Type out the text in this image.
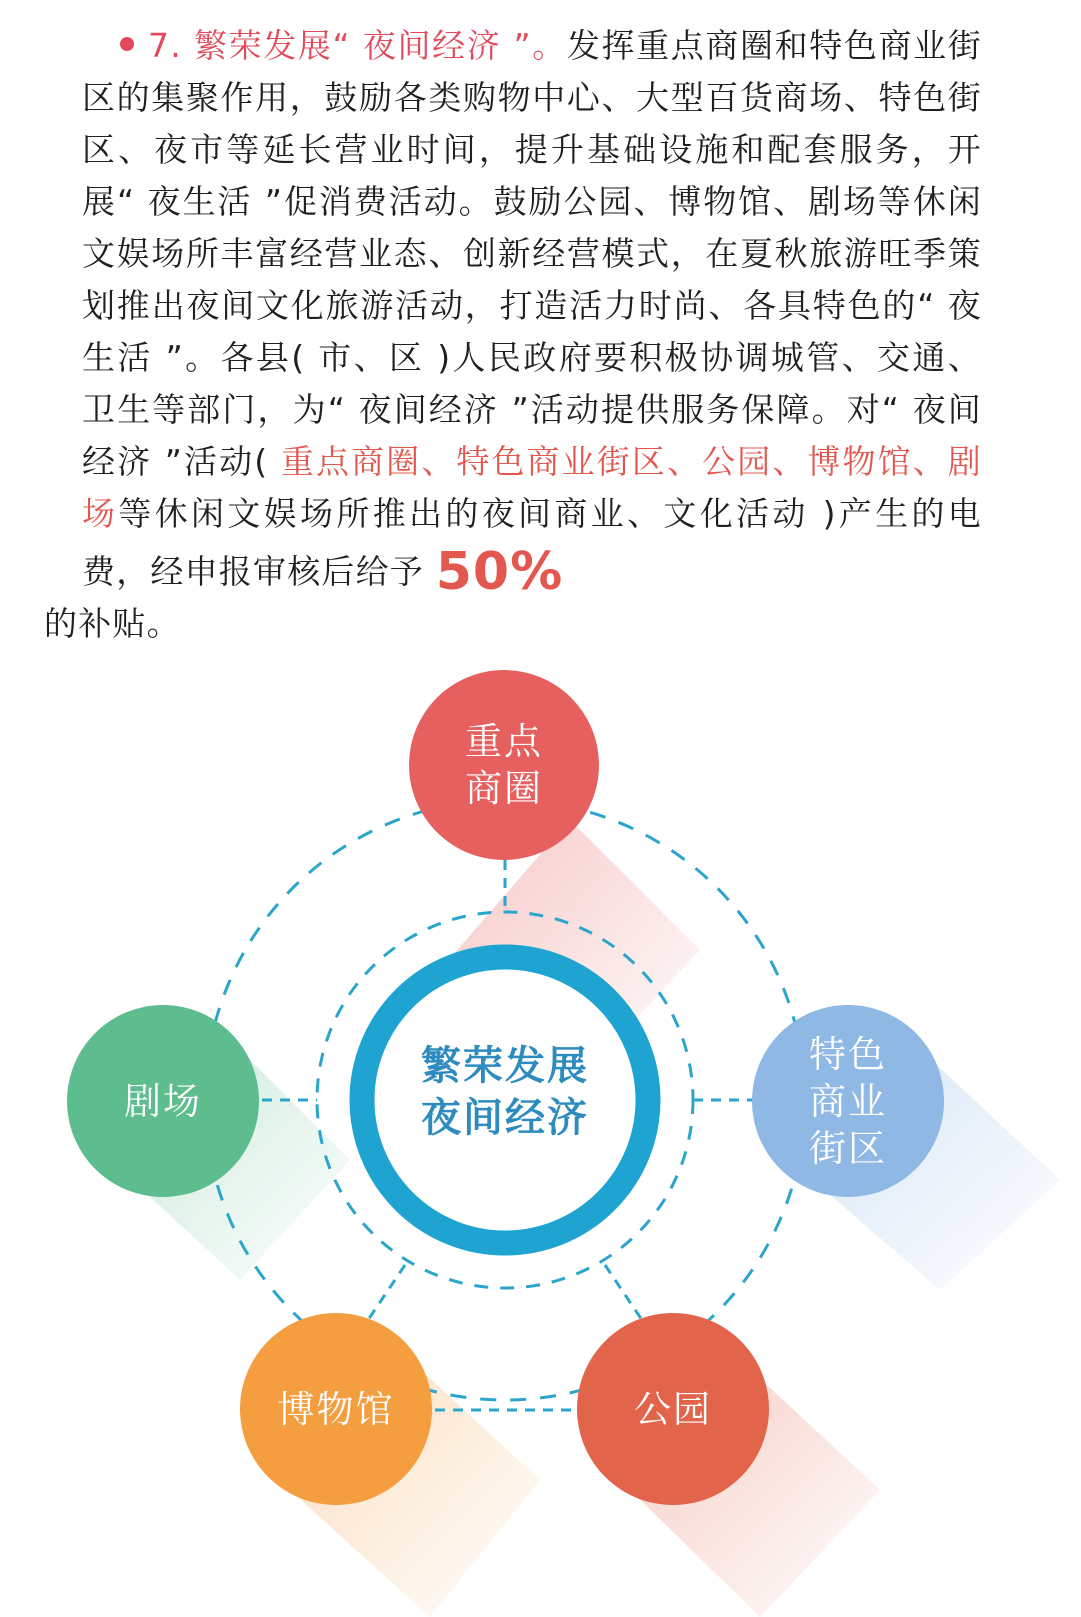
7. 繁荣发展“ 夜间经济 ”。发挥重点商圈和特色商业街区的集聚作用，鼓励各类购物中心、大型百货商场、特色街区、夜市等延长营业时间，提升基础设施和配套服务，开展“ 夜生活 ”促消费活动。鼓励公园、博物馆、剧场等休闲文娱场所丰富经营业态、创新经营模式，在夏秋旅游旺季策划推出夜间文化旅游活动，打造活力时尚、各具特色的“ 夜生活 ”。各县( 市、区 )人民政府要积极协调城管、交通、卫生等部门，为“ 夜间经济 ”活动提供服务保障。对“ 夜间经济 ”活动( 重点商圈、特色商业街区、公园、博物馆、剧场等休闲文娱场所推出的夜间商业、文化活动 )产生的电费，经申报审核后给予 50%
的补贴。

重点
商圈
特色
商业
街区
公园
博物馆
剧场
繁荣发展
夜间经济
